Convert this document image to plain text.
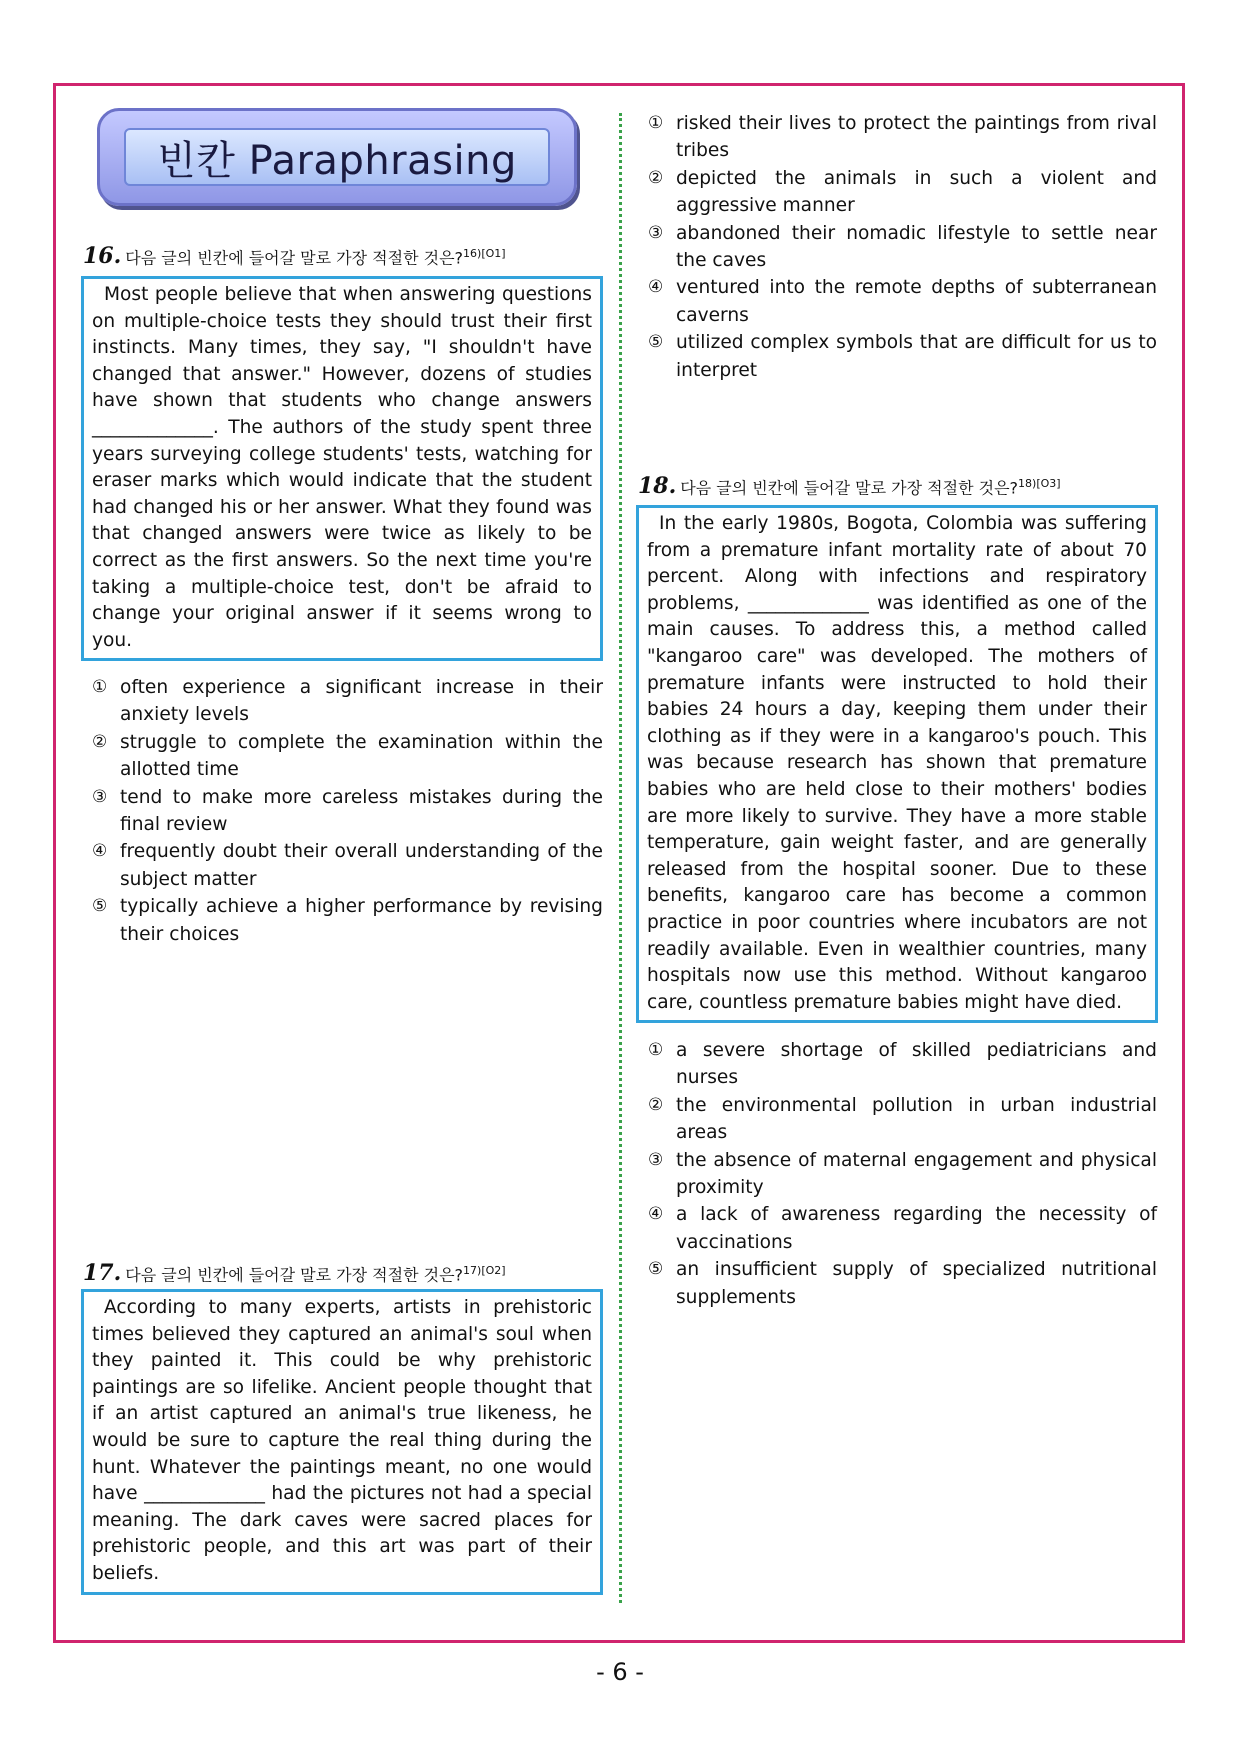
빈칸 Paraphrasing
16. 다음 글의 빈칸에 들어갈 말로 가장 적절한 것은?$^{16)[O1]}$
Most people believe that when answering questions on multiple-choice tests they should trust their first instincts. Many times, they say, "I shouldn't have changed that answer." However, dozens of studies have shown that students who change answers _____________. The authors of the study spent three years surveying college students' tests, watching for eraser marks which would indicate that the student had changed his or her answer. What they found was that changed answers were twice as likely to be correct as the first answers. So the next time you're taking a multiple-choice test, don't be afraid to change your original answer if it seems wrong to you.
① often experience a significant increase in their anxiety levels
② struggle to complete the examination within the allotted time
③ tend to make more careless mistakes during the final review
④ frequently doubt their overall understanding of the subject matter
⑤ typically achieve a higher performance by revising their choices
17. 다음 글의 빈칸에 들어갈 말로 가장 적절한 것은?$^{17)[O2]}$
According to many experts, artists in prehistoric times believed they captured an animal's soul when they painted it. This could be why prehistoric paintings are so lifelike. Ancient people thought that if an artist captured an animal's true likeness, he would be sure to capture the real thing during the hunt. Whatever the paintings meant, no one would have _____________ had the pictures not had a special meaning. The dark caves were sacred places for prehistoric people, and this art was part of their beliefs.
① risked their lives to protect the paintings from rival tribes
② depicted the animals in such a violent and aggressive manner
③ abandoned their nomadic lifestyle to settle near the caves
④ ventured into the remote depths of subterranean caverns
⑤ utilized complex symbols that are difficult for us to interpret
18. 다음 글의 빈칸에 들어갈 말로 가장 적절한 것은?$^{18)[O3]}$
In the early 1980s, Bogota, Colombia was suffering from a premature infant mortality rate of about 70 percent. Along with infections and respiratory problems, _____________ was identified as one of the main causes. To address this, a method called "kangaroo care" was developed. The mothers of premature infants were instructed to hold their babies 24 hours a day, keeping them under their clothing as if they were in a kangaroo's pouch. This was because research has shown that premature babies who are held close to their mothers' bodies are more likely to survive. They have a more stable temperature, gain weight faster, and are generally released from the hospital sooner. Due to these benefits, kangaroo care has become a common practice in poor countries where incubators are not readily available. Even in wealthier countries, many hospitals now use this method. Without kangaroo care, countless premature babies might have died.
① a severe shortage of skilled pediatricians and nurses
② the environmental pollution in urban industrial areas
③ the absence of maternal engagement and physical proximity
④ a lack of awareness regarding the necessity of vaccinations
⑤ an insufficient supply of specialized nutritional supplements
- 6 -
